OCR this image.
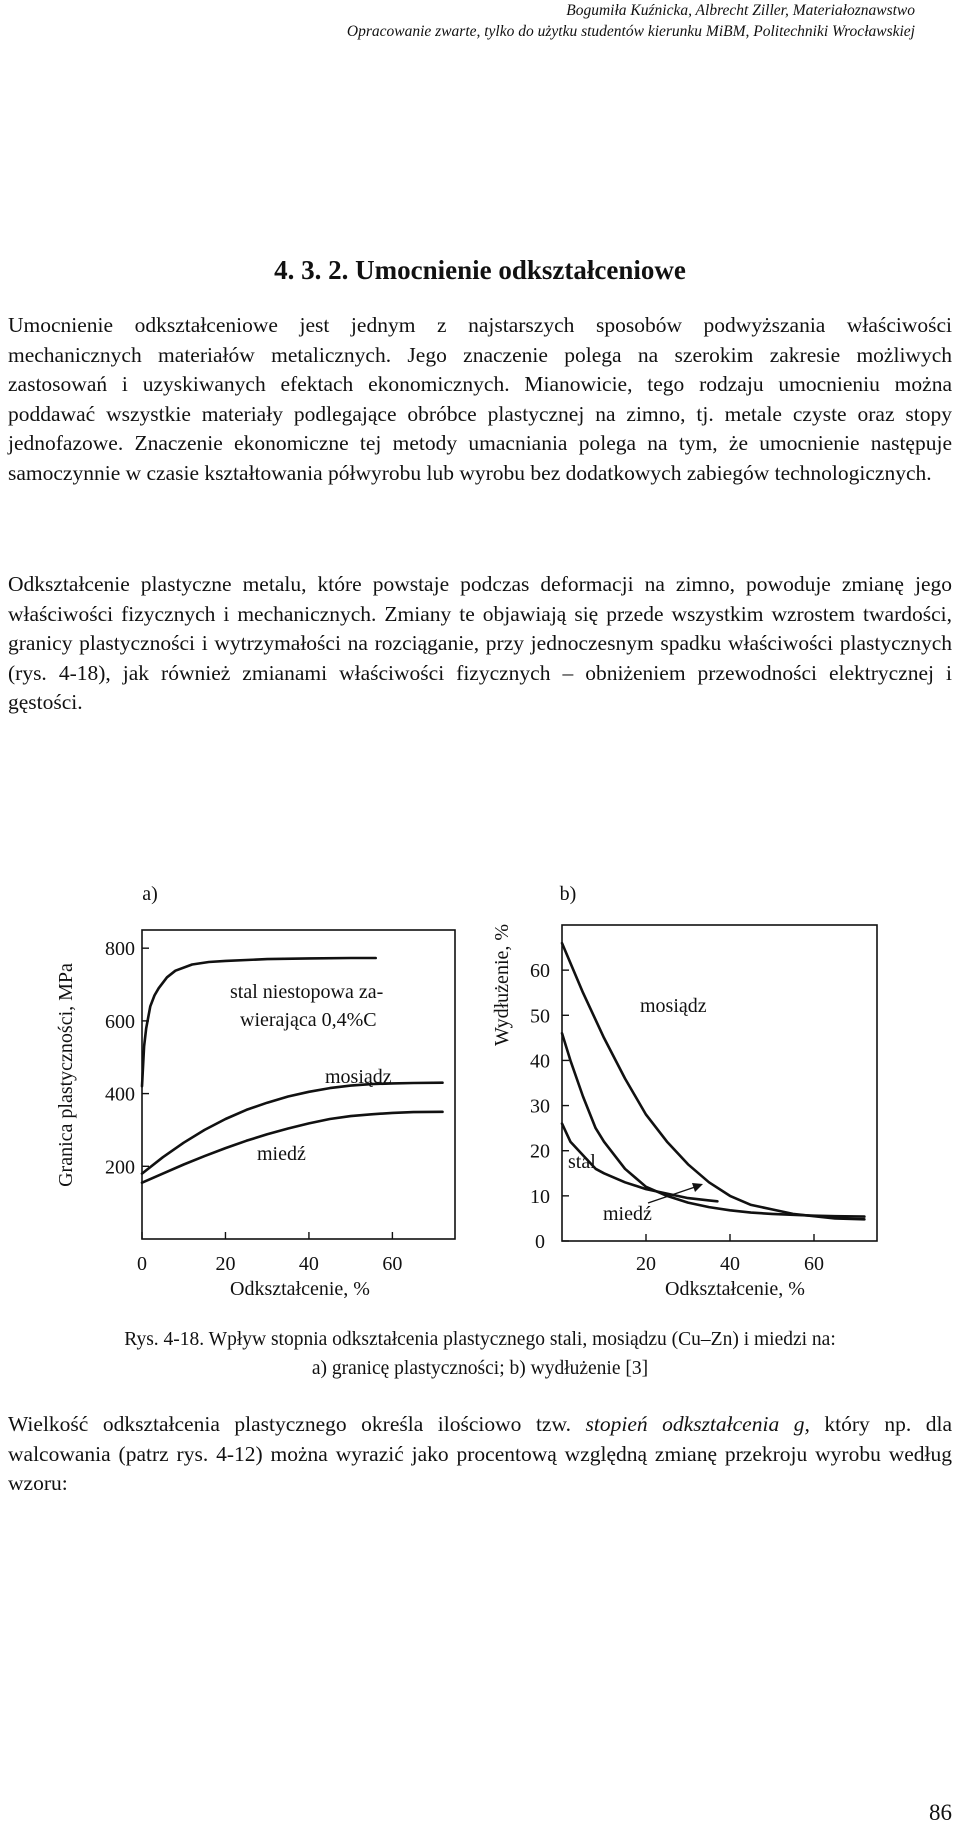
Bogumiła Kuźnicka, Albrecht Ziller, Materiałoznawstwo
Opracowanie zwarte, tylko do użytku studentów kierunku MiBM, Politechniki Wrocławskiej
4. 3. 2. Umocnienie odkształceniowe

Umocnienie odkształceniowe jest jednym z najstarszych sposobów podwyższania właściwości mechanicznych materiałów metalicznych. Jego znaczenie polega na szerokim zakresie możliwych zastosowań i uzyskiwanych efektach ekonomicznych. Mianowicie, tego rodzaju umocnieniu można poddawać wszystkie materiały podlegające obróbce plastycznej na zimno, tj. metale czyste oraz stopy jednofazowe. Znaczenie ekonomiczne tej metody umacniania polega na tym, że umocnienie następuje samoczynnie w czasie kształtowania półwyrobu lub wyrobu bez dodatkowych zabiegów technologicznych.

Odkształcenie plastyczne metalu, które powstaje podczas deformacji na zimno, powoduje zmianę jego właściwości fizycznych i mechanicznych. Zmiany te objawiają się przede wszystkim wzrostem twardości, granicy plastyczności i wytrzymałości na rozciąganie, przy jednoczesnym spadku właściwości plastycznych (rys. 4-18), jak również zmianami właściwości fizycznych – obniżeniem przewodności elektrycznej i gęstości.

a)
Granica plastyczności, MPa 200
400
600
800
0	20	40	60
Odkształcenie, %
stal niestopowa za-
wierająca 0,4%C
mosiądz
miedź
b)
Wydłużenie, %
0
10
20
30
40
50
60
20	40	60
Odkształcenie, %
mosiądz
stal
miedź
Rys. 4-18. Wpływ stopnia odkształcenia plastycznego stali, mosiądzu (Cu–Zn) i miedzi na:
a) granicę plastyczności; b) wydłużenie [3]

Wielkość odkształcenia plastycznego określa ilościowo tzw. stopień odkształcenia g, który np. dla walcowania (patrz rys. 4-12) można wyrazić jako procentową względną zmianę przekroju wyrobu według wzoru:

86
